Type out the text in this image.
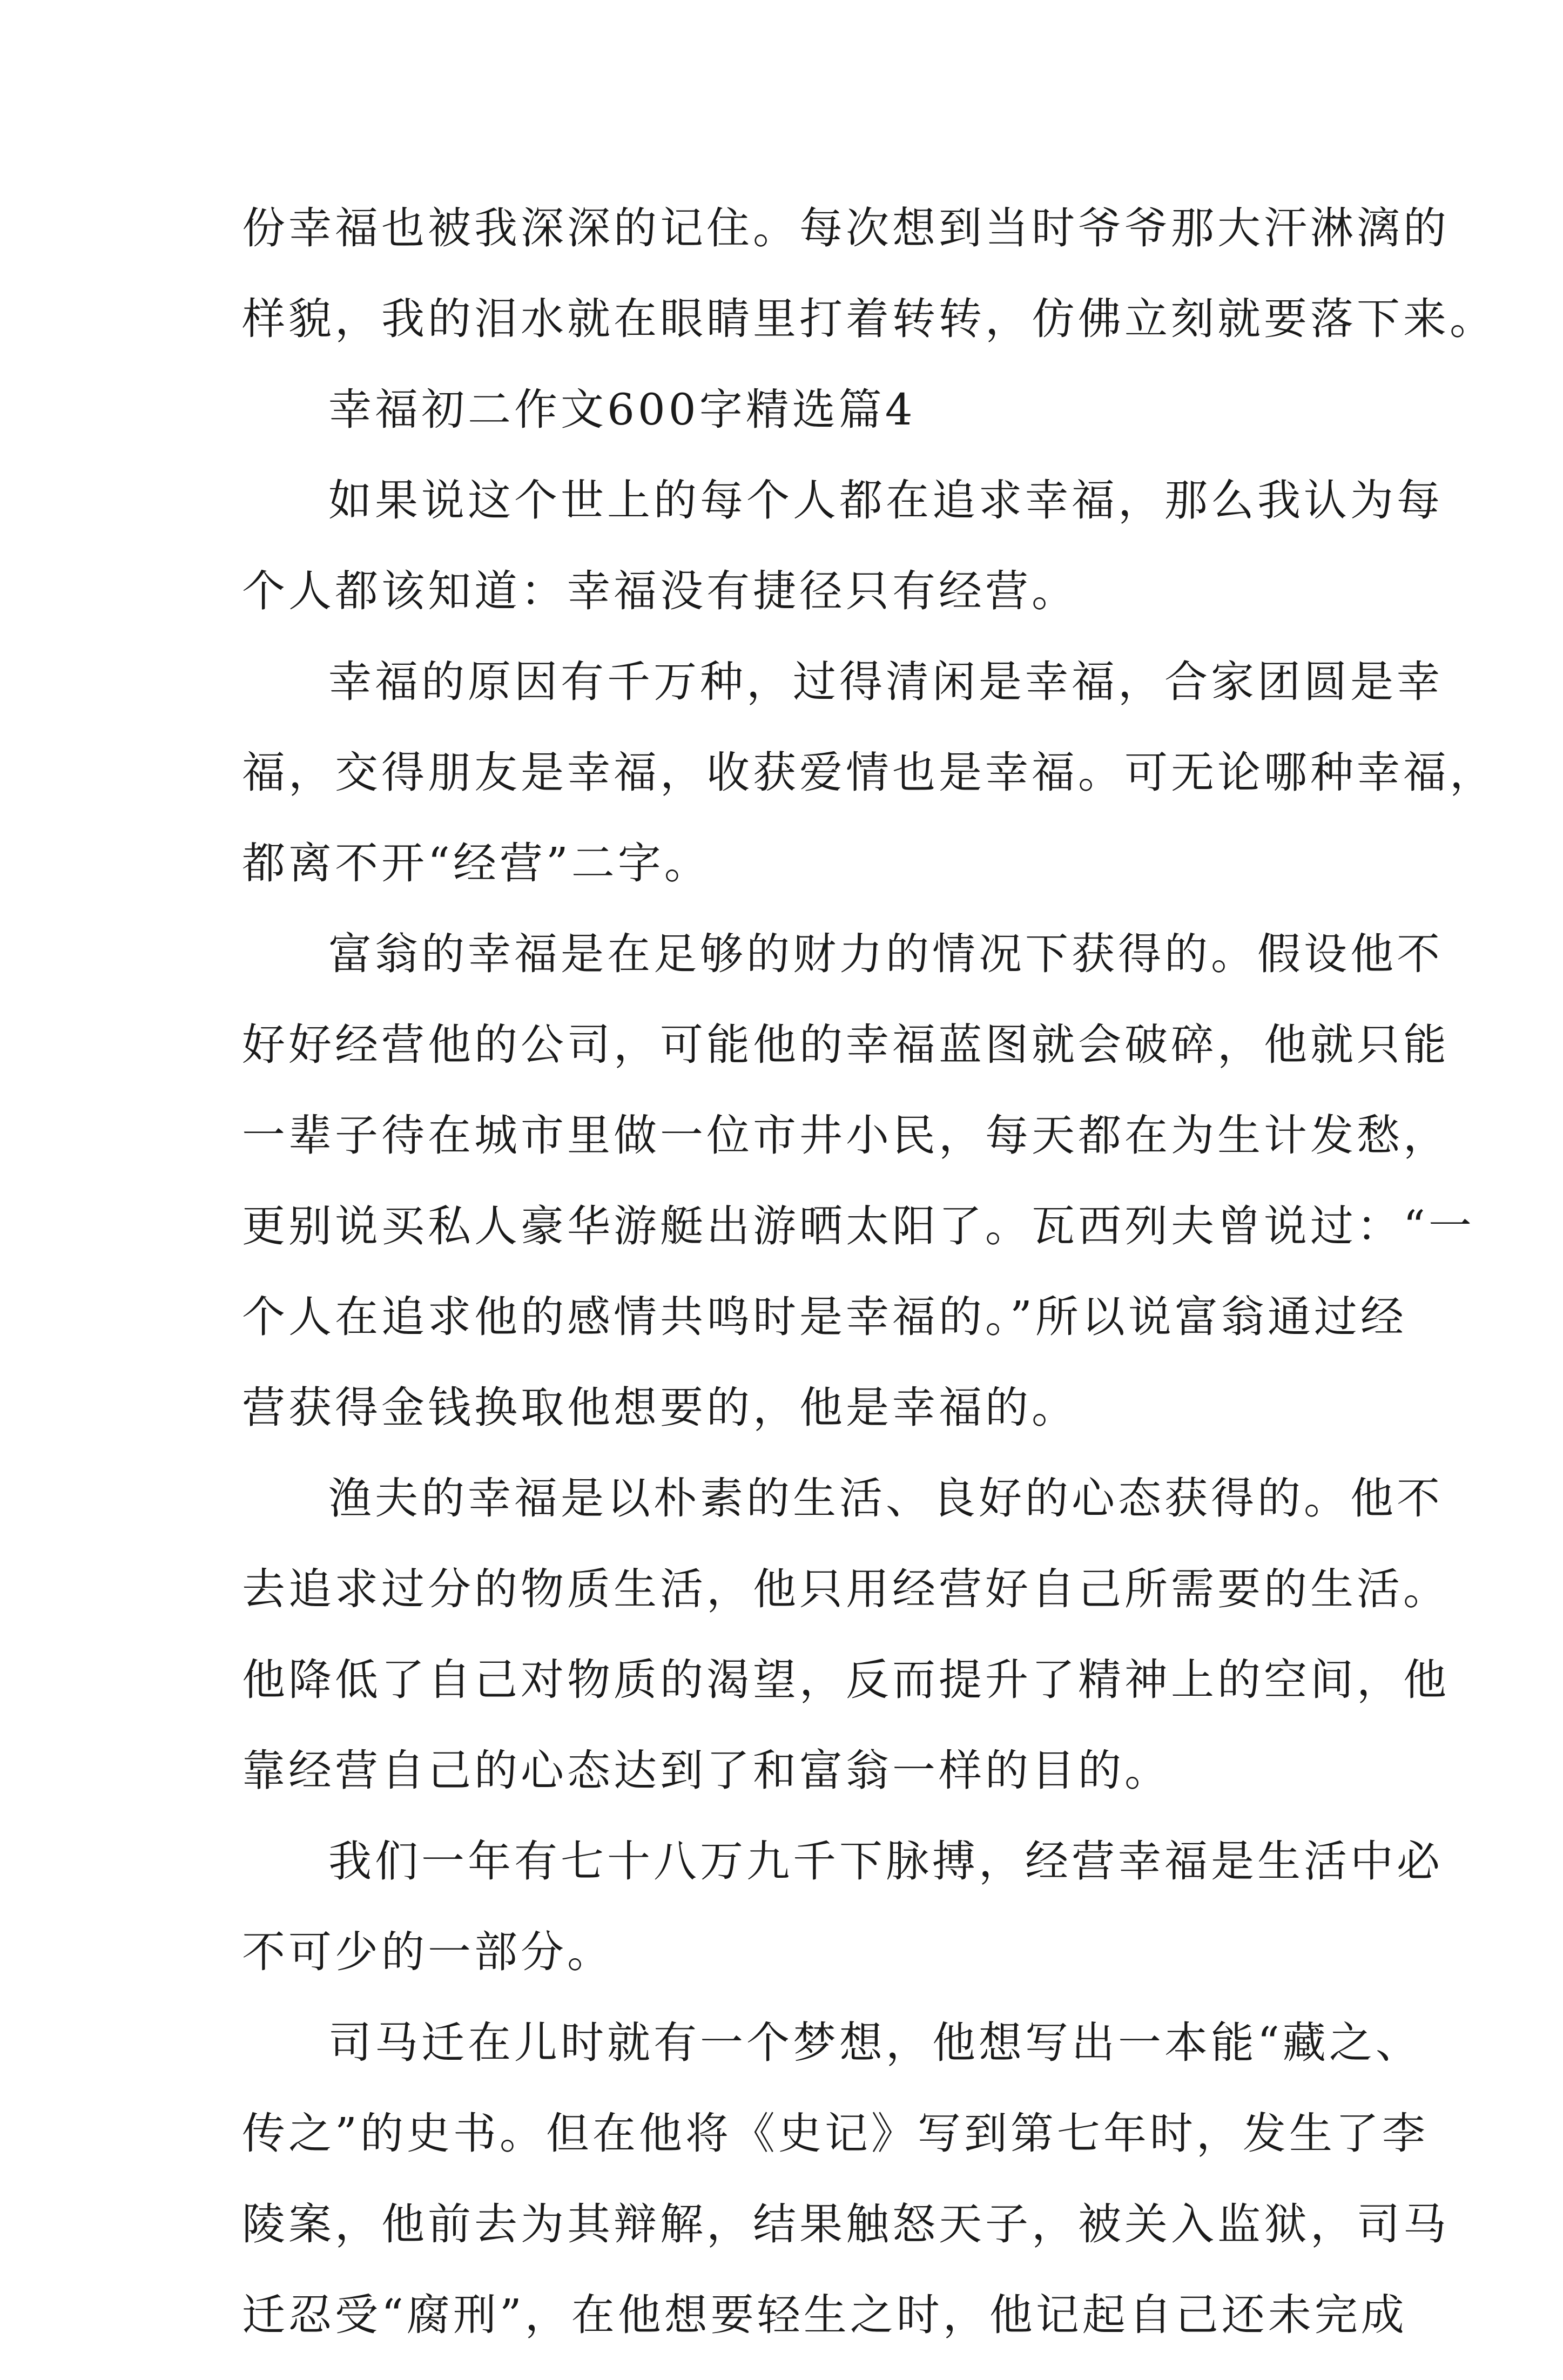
份幸福也被我深深的记住。每次想到当时爷爷那大汗淋漓的
样貌，我的泪水就在眼睛里打着转转，仿佛立刻就要落下来。
幸福初二作文600字精选篇4
如果说这个世上的每个人都在追求幸福，那么我认为每
个人都该知道：幸福没有捷径只有经营。
幸福的原因有千万种，过得清闲是幸福，合家团圆是幸
福，交得朋友是幸福，收获爱情也是幸福。可无论哪种幸福，
都离不开“经营”二字。
富翁的幸福是在足够的财力的情况下获得的。假设他不
好好经营他的公司，可能他的幸福蓝图就会破碎，他就只能
一辈子待在城市里做一位市井小民，每天都在为生计发愁，
更别说买私人豪华游艇出游晒太阳了。瓦西列夫曾说过：“一
个人在追求他的感情共鸣时是幸福的。”所以说富翁通过经
营获得金钱换取他想要的，他是幸福的。
渔夫的幸福是以朴素的生活、良好的心态获得的。他不
去追求过分的物质生活，他只用经营好自己所需要的生活。
他降低了自己对物质的渴望，反而提升了精神上的空间，他
靠经营自己的心态达到了和富翁一样的目的。
我们一年有七十八万九千下脉搏，经营幸福是生活中必
不可少的一部分。
司马迁在儿时就有一个梦想，他想写出一本能“藏之、
传之”的史书。但在他将《史记》写到第七年时，发生了李
陵案，他前去为其辩解，结果触怒天子，被关入监狱，司马
迁忍受“腐刑”，在他想要轻生之时，他记起自己还未完成
